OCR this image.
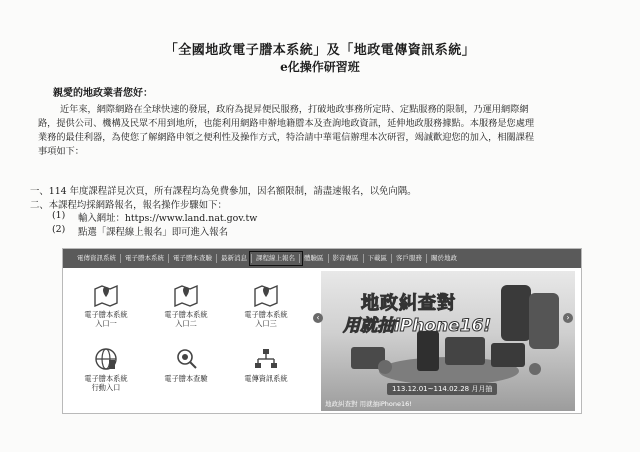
「全國地政電子謄本系統」及「地政電傳資訊系統」
e化操作研習班
親愛的地政業者您好：

近年來，網際網路在全球快速的發展，政府為提昇便民服務，打破地政事務所定時、定點服務的限制，乃運用網際網

路，提供公司、機構及民眾不用到地所，也能利用網路申辦地籍謄本及查詢地政資訊，延伸地政服務據點。本服務是您處理

業務的最佳利器，為使您了解網路申領之便利性及操作方式，特洽請中華電信辦理本次研習，竭誠歡迎您的加入，相關課程

事項如下：

一、114 年度課程詳見次頁，所有課程均為免費參加，因名額限制，請盡速報名，以免向隅。
二、本課程均採網路報名，報名操作步驟如下：
(1) 輸入網址：https://www.land.nat.gov.tw
(2) 點選「課程線上報名」即可進入報名
電傳資訊系統	電子謄本系統	電子謄本查驗	最新消息	課程線上報名	體驗區	影音專區	下載區	客戶服務	關於地政
電子謄本系統
入口一
電子謄本系統
入口二
電子謄本系統
入口三
電子謄本系統
行動入口
電子謄本查驗	電傳資訊系統
地政糾查對
用就抽iPhone16!
113.12.01~114.02.28 月月抽
地政糾查對 用就抽iPhone16!
‹	›
